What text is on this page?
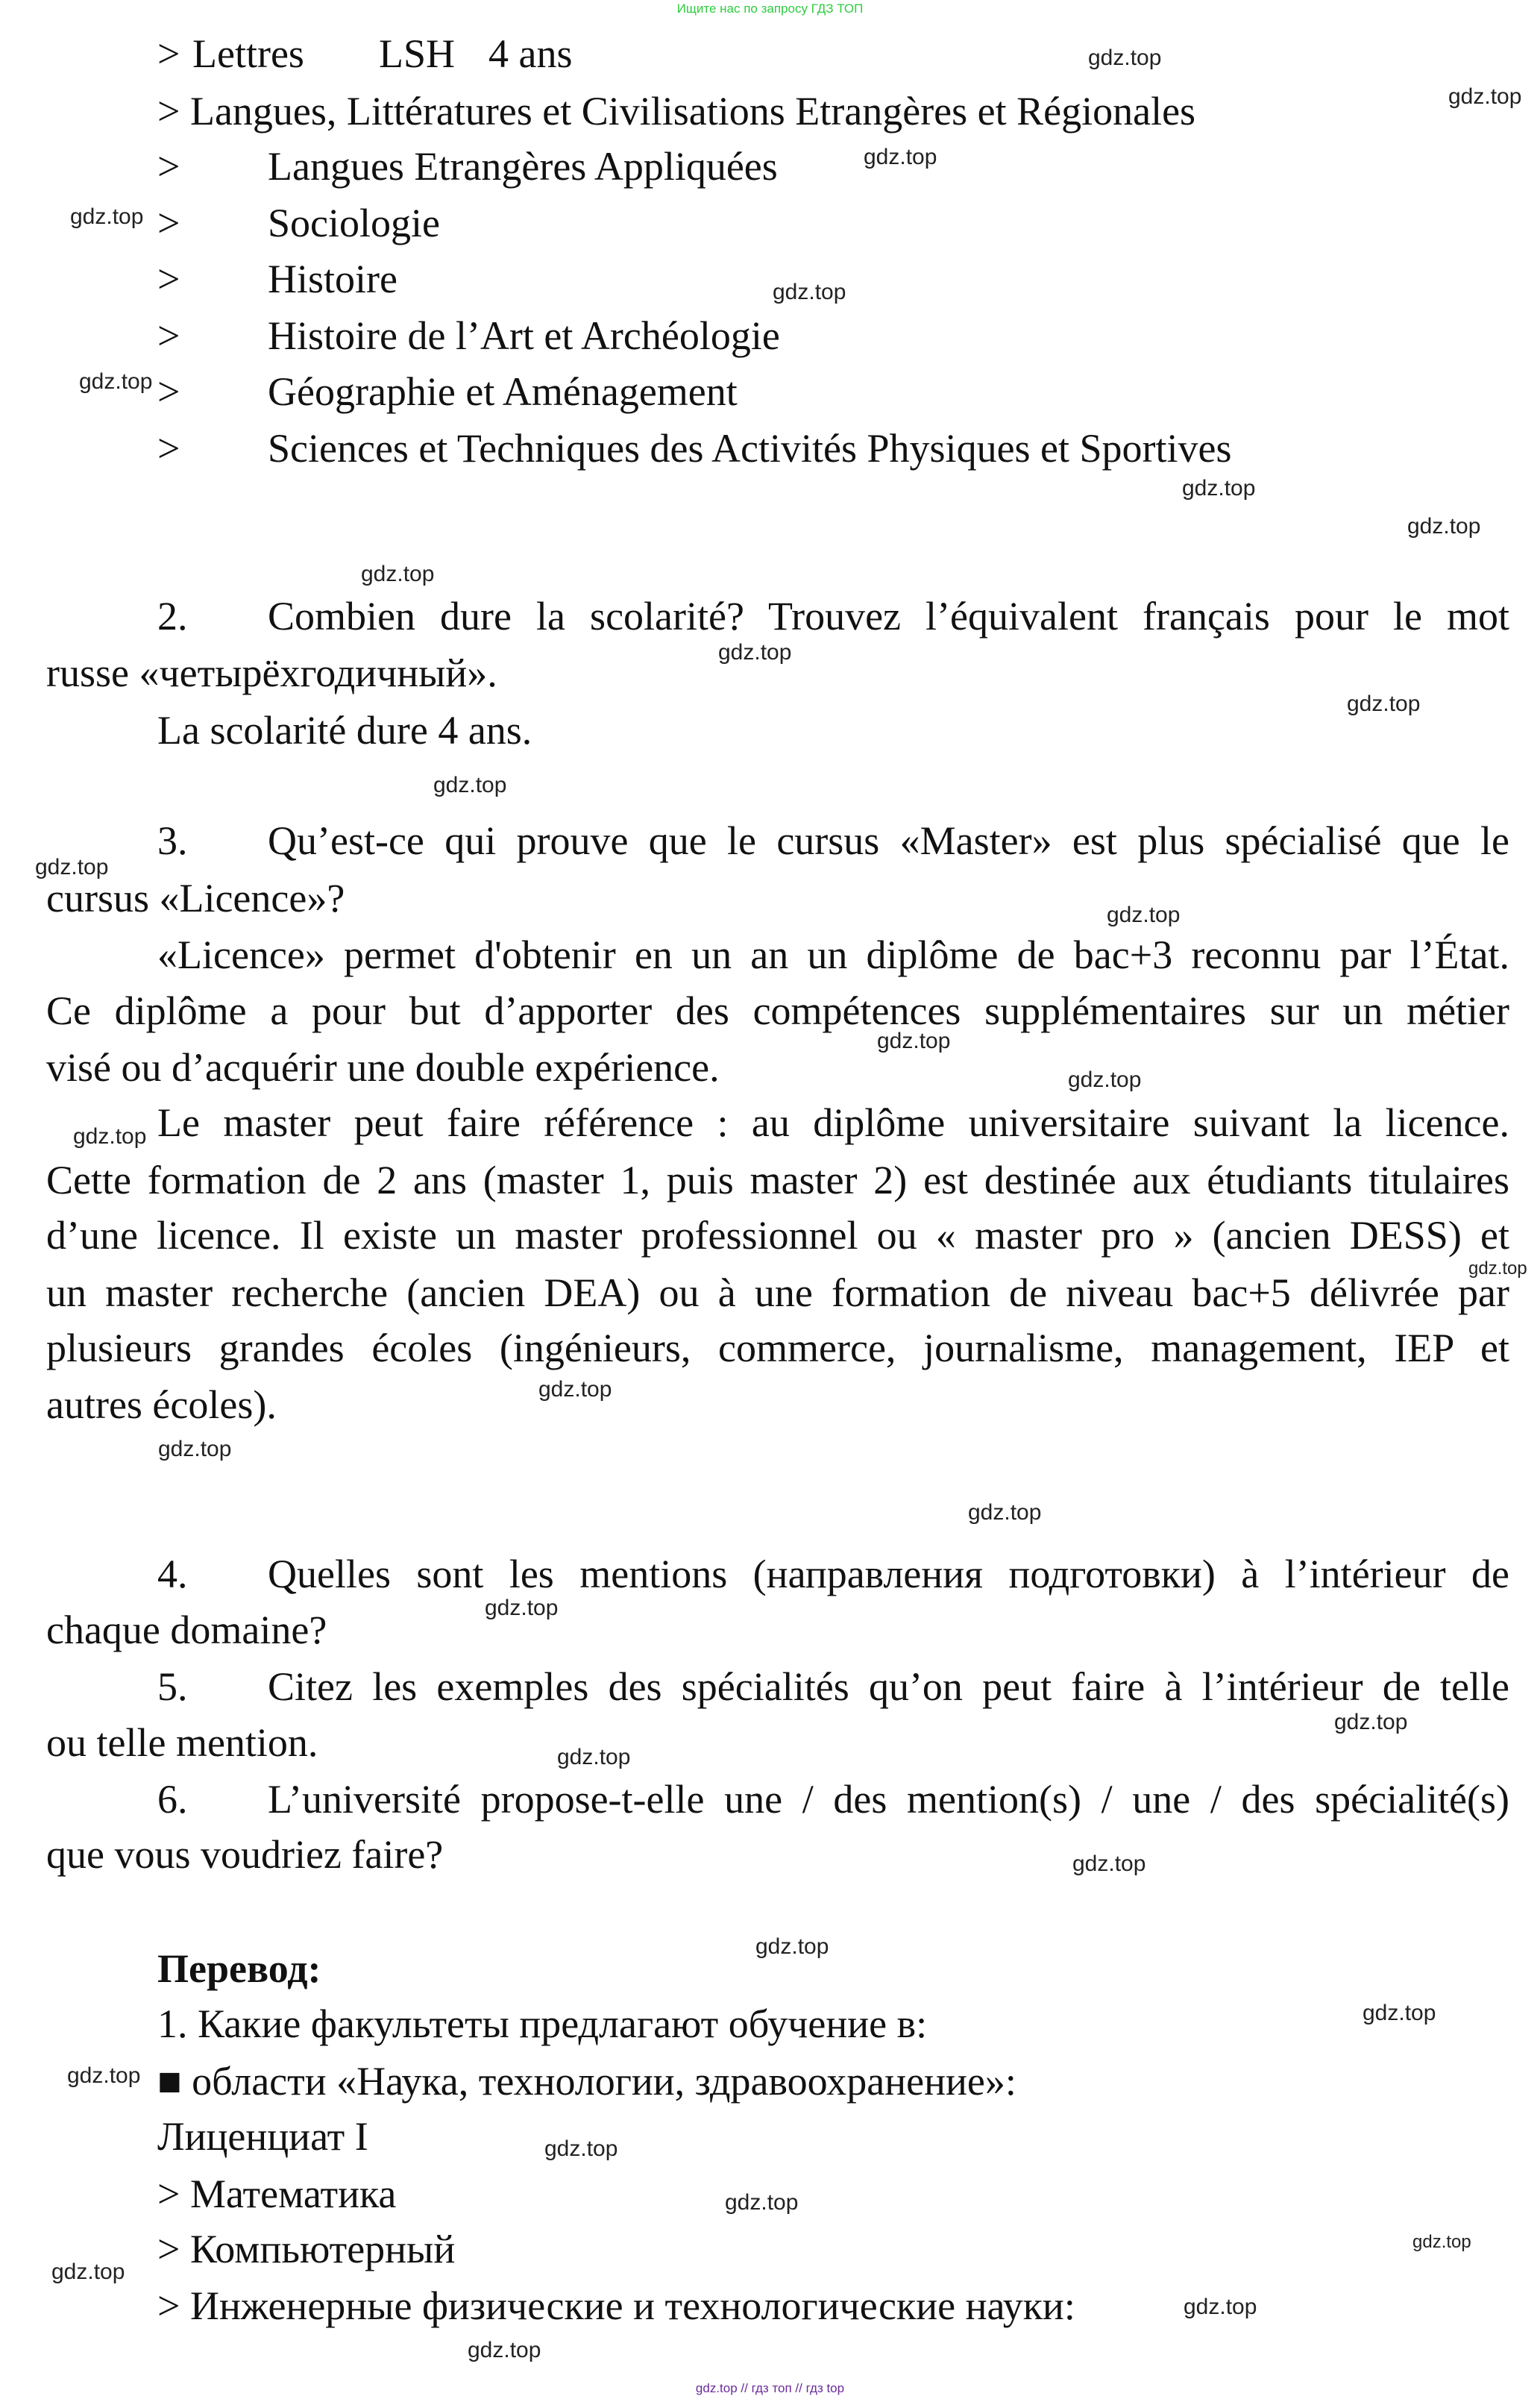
Ищите нас по запросу ГДЗ ТОП
> Lettres LSH 4 ans
> Langues, Littératures et Civilisations Etrangères et Régionales
> Langues Etrangères Appliquées
> Sociologie
> Histoire
> Histoire de l’Art et Archéologie
> Géographie et Aménagement
> Sciences et Techniques des Activités Physiques et Sportives
2. Combien dure la scolarité? Trouvez l’équivalent français pour le mot
russe «четырёхгодичный».
La scolarité dure 4 ans.
3. Qu’est-ce qui prouve que le cursus «Master» est plus spécialisé que le
cursus «Licence»?
«Licence» permet d'obtenir en un an un diplôme de bac+3 reconnu par l’État.
Ce diplôme a pour but d’apporter des compétences supplémentaires sur un métier
visé ou d’acquérir une double expérience.
Le master peut faire référence : au diplôme universitaire suivant la licence.
Cette formation de 2 ans (master 1, puis master 2) est destinée aux étudiants titulaires
d’une licence. Il existe un master professionnel ou « master pro » (ancien DESS) et
un master recherche (ancien DEA) ou à une formation de niveau bac+5 délivrée par
plusieurs grandes écoles (ingénieurs, commerce, journalisme, management, IEP et
autres écoles).
4. Quelles sont les mentions (направления подготовки) à l’intérieur de
chaque domaine?
5. Citez les exemples des spécialités qu’on peut faire à l’intérieur de telle
ou telle mention.
6. L’université propose-t-elle une / des mention(s) / une / des spécialité(s)
que vous voudriez faire?
Перевод:
1. Какие факультеты предлагают обучение в:
■ области «Наука, технологии, здравоохранение»:
Лиценциат I
> Математика
> Компьютерный
> Инженерные физические и технологические науки:
gdz.top
gdz.top
gdz.top
gdz.top
gdz.top
gdz.top
gdz.top
gdz.top
gdz.top
gdz.top
gdz.top
gdz.top
gdz.top
gdz.top
gdz.top
gdz.top
gdz.top
gdz.top
gdz.top
gdz.top
gdz.top
gdz.top
gdz.top
gdz.top
gdz.top
gdz.top
gdz.top
gdz.top
gdz.top
gdz.top
gdz.top
gdz.top
gdz.top
gdz.top
gdz.top // гдз топ // гдз top
